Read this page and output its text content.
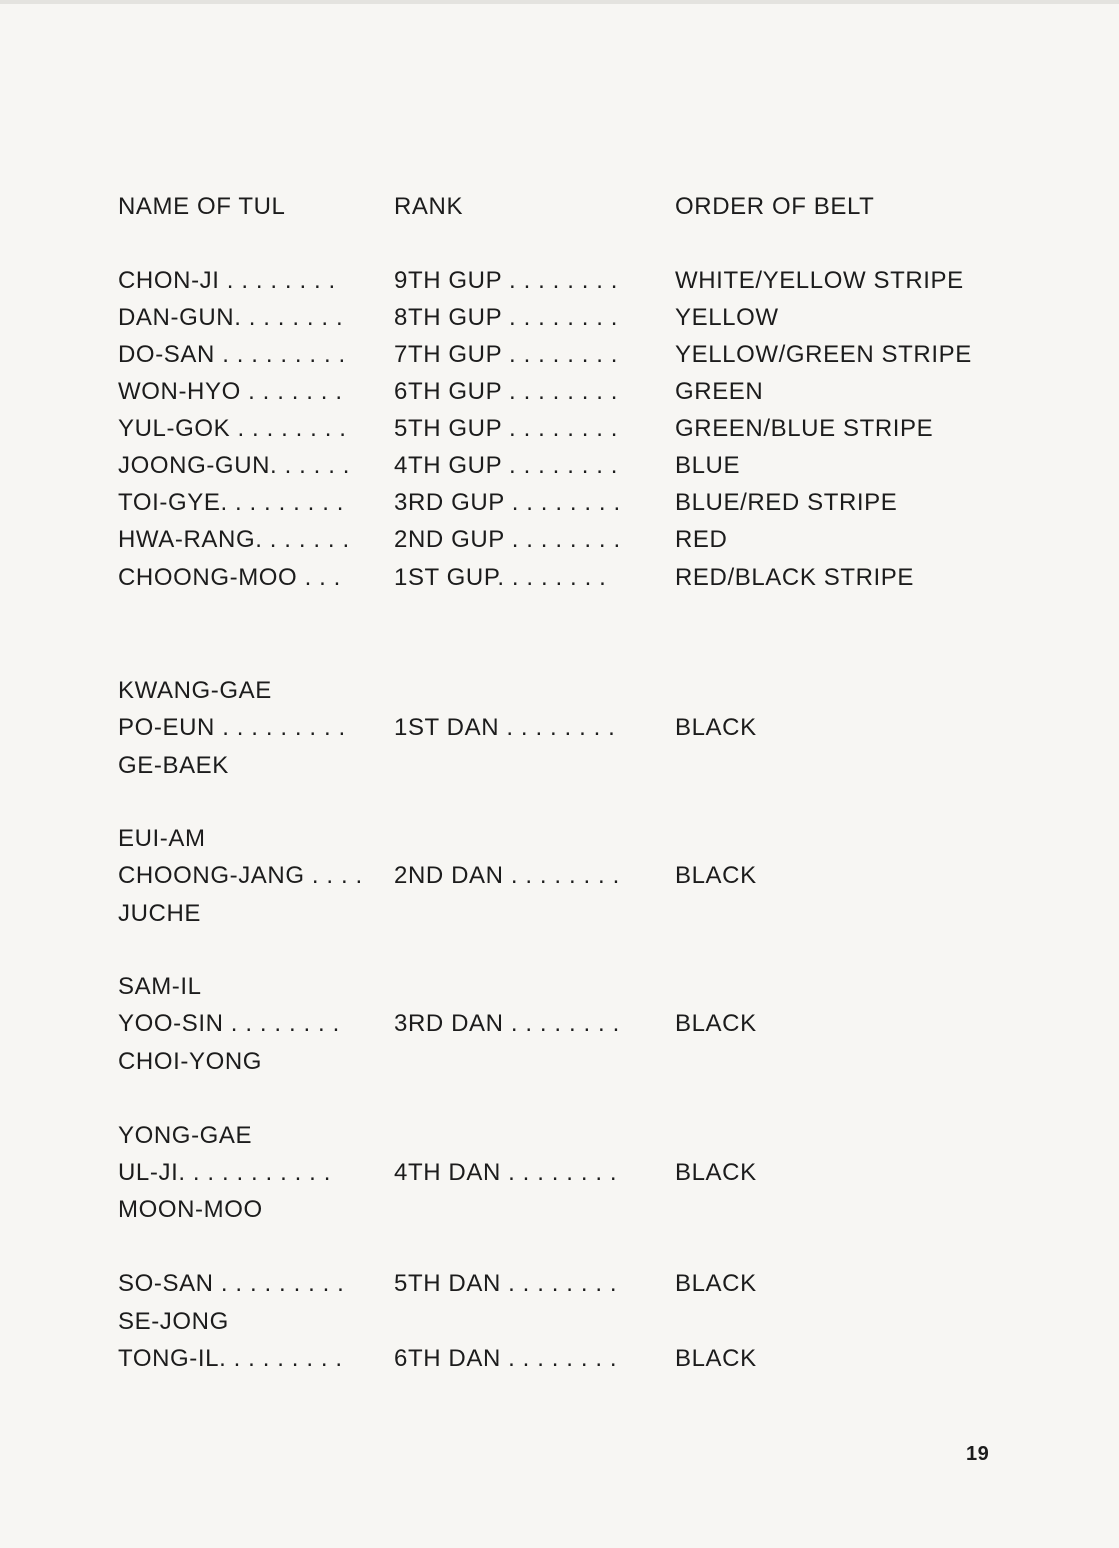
NAME OF TUL	RANK	ORDER OF BELT
CHON-JI . . . . . . . . 9TH GUP . . . . . . . . WHITE/YELLOW STRIPE
DAN-GUN. . . . . . . . 8TH GUP . . . . . . . . YELLOW
DO-SAN . . . . . . . . . 7TH GUP . . . . . . . . YELLOW/GREEN STRIPE
WON-HYO . . . . . . . 6TH GUP . . . . . . . . GREEN
YUL-GOK . . . . . . . . 5TH GUP . . . . . . . . GREEN/BLUE STRIPE
JOONG-GUN. . . . . . 4TH GUP . . . . . . . . BLUE
TOI-GYE. . . . . . . . . 3RD GUP . . . . . . . . BLUE/RED STRIPE
HWA-RANG. . . . . . . 2ND GUP . . . . . . . . RED
CHOONG-MOO . . . 1ST GUP. . . . . . . .	RED/BLACK STRIPE
KWANG-GAE
PO-EUN . . . . . . . . . 1ST DAN . . . . . . . . BLACK
GE-BAEK
EUI-AM
CHOONG-JANG . . . . 2ND DAN . . . . . . . . BLACK
JUCHE
SAM-IL
YOO-SIN . . . . . . . . 3RD DAN . . . . . . . . BLACK
CHOI-YONG
YONG-GAE
UL-JI. . . . . . . . . . .	4TH DAN . . . . . . . . BLACK
MOON-MOO
SO-SAN . . . . . . . . . 5TH DAN . . . . . . . . BLACK
SE-JONG
TONG-IL. . . . . . . . . 6TH DAN . . . . . . . . BLACK
19
